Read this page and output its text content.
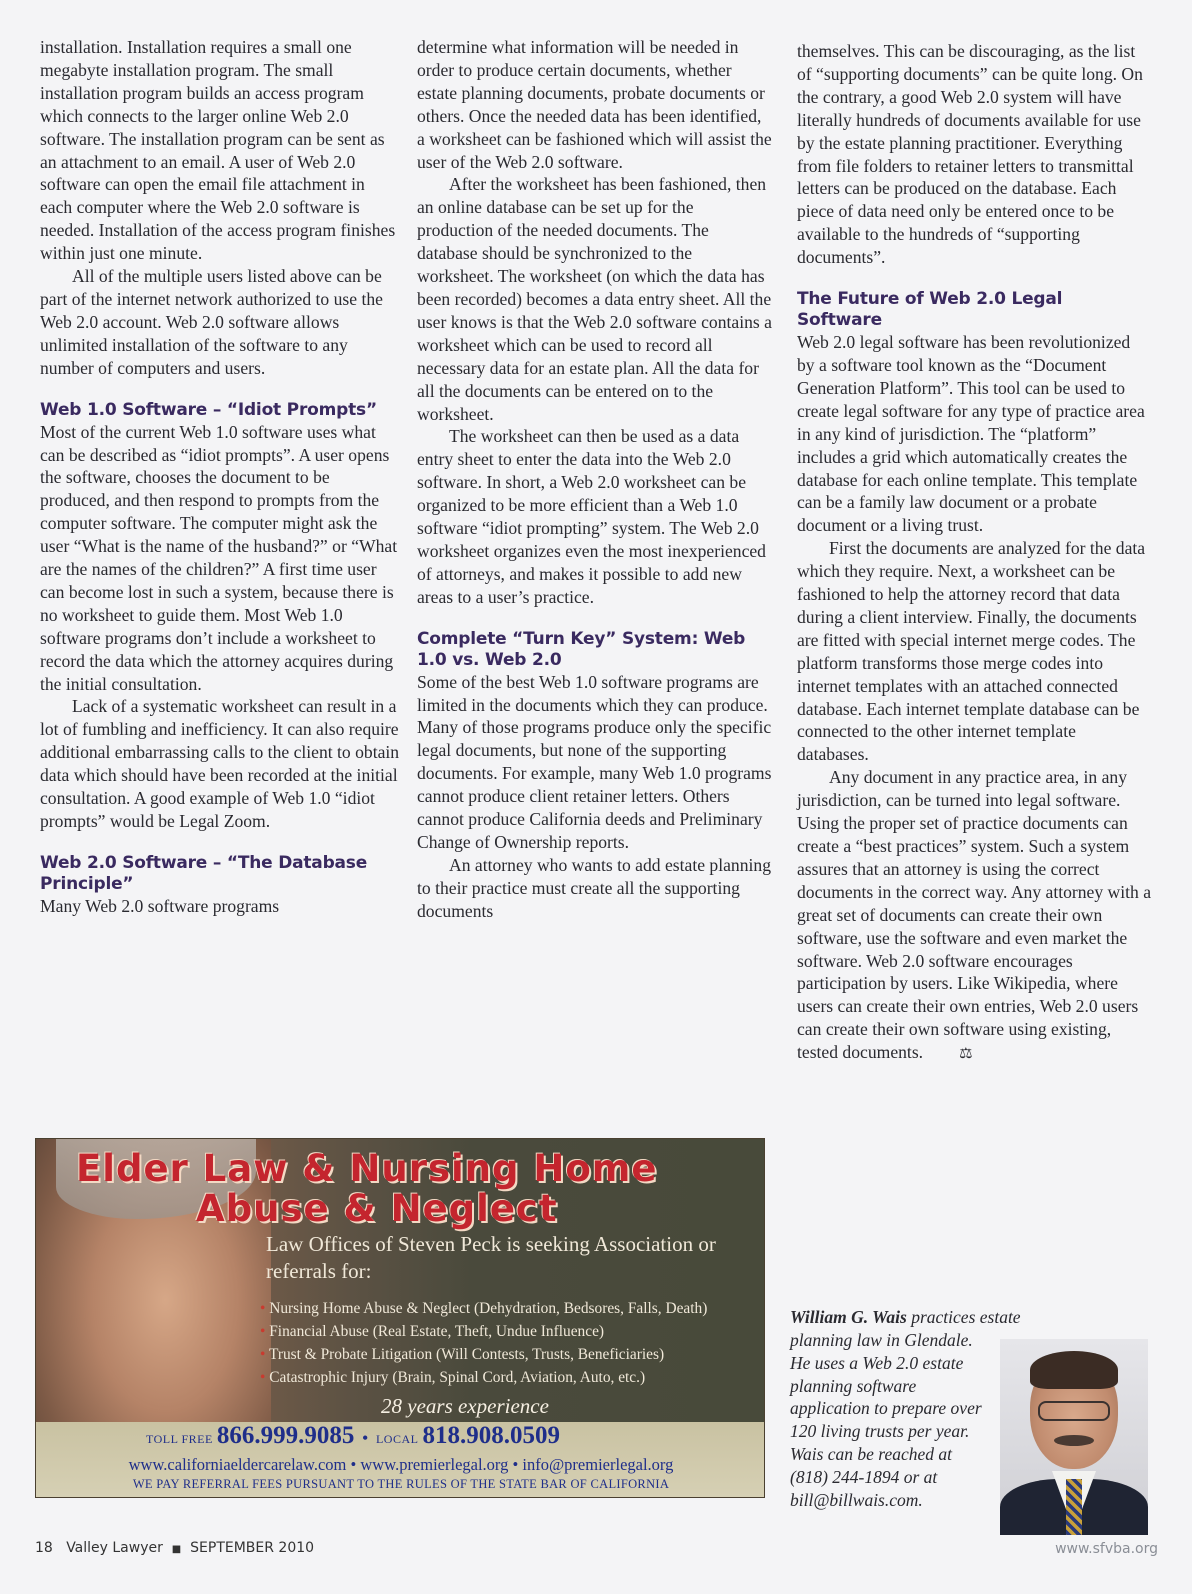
installation. Installation requires a small one megabyte installation program. The small installation program builds an access program which connects to the larger online Web 2.0 software. The installation program can be sent as an attachment to an email. A user of Web 2.0 software can open the email file attachment in each computer where the Web 2.0 software is needed. Installation of the access program finishes within just one minute.

All of the multiple users listed above can be part of the internet network authorized to use the Web 2.0 account. Web 2.0 software allows unlimited installation of the software to any number of computers and users.

Web 1.0 Software – “Idiot Prompts”

Most of the current Web 1.0 software uses what can be described as “idiot prompts”. A user opens the software, chooses the document to be produced, and then respond to prompts from the computer software. The computer might ask the user “What is the name of the husband?” or “What are the names of the children?” A first time user can become lost in such a system, because there is no worksheet to guide them. Most Web 1.0 software programs don’t include a worksheet to record the data which the attorney acquires during the initial consultation.

Lack of a systematic worksheet can result in a lot of fumbling and inefficiency. It can also require additional embarrassing calls to the client to obtain data which should have been recorded at the initial consultation. A good example of Web 1.0 “idiot prompts” would be Legal Zoom.

Web 2.0 Software – “The Database Principle”

Many Web 2.0 software programs

determine what information will be needed in order to produce certain documents, whether estate planning documents, probate documents or others. Once the needed data has been identified, a worksheet can be fashioned which will assist the user of the Web 2.0 software.

After the worksheet has been fashioned, then an online database can be set up for the production of the needed documents. The database should be synchronized to the worksheet. The worksheet (on which the data has been recorded) becomes a data entry sheet. All the user knows is that the Web 2.0 software contains a worksheet which can be used to record all necessary data for an estate plan. All the data for all the documents can be entered on to the worksheet.

The worksheet can then be used as a data entry sheet to enter the data into the Web 2.0 software. In short, a Web 2.0 worksheet can be organized to be more efficient than a Web 1.0 software “idiot prompting” system. The Web 2.0 worksheet organizes even the most inexperienced of attorneys, and makes it possible to add new areas to a user’s practice.

Complete “Turn Key” System: Web 1.0 vs. Web 2.0

Some of the best Web 1.0 software programs are limited in the documents which they can produce. Many of those programs produce only the specific legal documents, but none of the supporting documents. For example, many Web 1.0 programs cannot produce client retainer letters. Others cannot produce California deeds and Preliminary Change of Ownership reports.

An attorney who wants to add estate planning to their practice must create all the supporting documents

themselves. This can be discouraging, as the list of “supporting documents” can be quite long. On the contrary, a good Web 2.0 system will have literally hundreds of documents available for use by the estate planning practitioner. Everything from file folders to retainer letters to transmittal letters can be produced on the database. Each piece of data need only be entered once to be available to the hundreds of “supporting documents”.

The Future of Web 2.0 Legal Software

Web 2.0 legal software has been revolutionized by a software tool known as the “Document Generation Platform”. This tool can be used to create legal software for any type of practice area in any kind of jurisdiction. The “platform” includes a grid which automatically creates the database for each online template. This template can be a family law document or a probate document or a living trust.

First the documents are analyzed for the data which they require. Next, a worksheet can be fashioned to help the attorney record that data during a client interview. Finally, the documents are fitted with special internet merge codes. The platform transforms those merge codes into internet templates with an attached connected database. Each internet template database can be connected to the other internet template databases.

Any document in any practice area, in any jurisdiction, can be turned into legal software. Using the proper set of practice documents can create a “best practices” system. Such a system assures that an attorney is using the correct documents in the correct way. Any attorney with a great set of documents can create their own software, use the software and even market the software. Web 2.0 software encourages participation by users. Like Wikipedia, where users can create their own entries, Web 2.0 users can create their own software using existing, tested documents. ⚖

Elder Law & Nursing Home
Abuse & Neglect
Law Offices of Steven Peck is seeking Association or referrals for:
• Nursing Home Abuse & Neglect (Dehydration, Bedsores, Falls, Death)
• Financial Abuse (Real Estate, Theft, Undue Influence)
• Trust & Probate Litigation (Will Contests, Trusts, Beneficiaries)
• Catastrophic Injury (Brain, Spinal Cord, Aviation, Auto, etc.)
28 years experience
TOLL FREE 866.999.9085  •  LOCAL 818.908.0509
www.californiaeldercarelaw.com • www.premierlegal.org • info@premierlegal.org
WE PAY REFERRAL FEES PURSUANT TO THE RULES OF THE STATE BAR OF CALIFORNIA
William G. Wais practices estate
planning law in Glendale. He uses a Web 2.0 estate planning software application to prepare over 120 living trusts per year. Wais can be reached at (818) 244-1894 or at bill@billwais.com.
18 Valley Lawyer ■ SEPTEMBER 2010	www.sfvba.org
